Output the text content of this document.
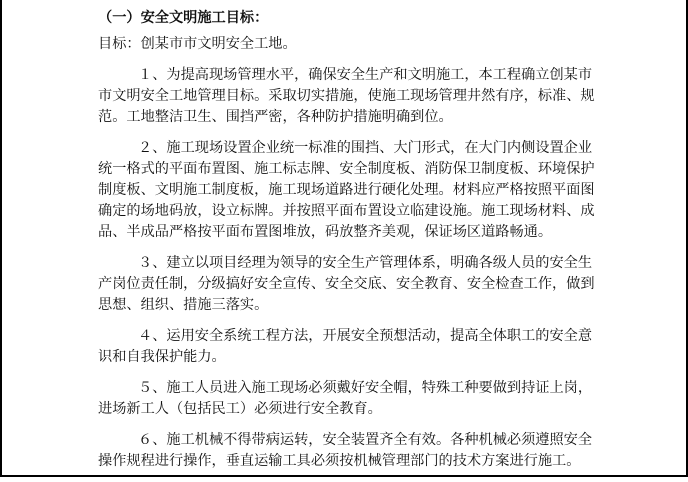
（一）安全文明施工目标：
目标：创某市市文明安全工地。
１、为提高现场管理水平，确保安全生产和文明施工，本工程确立创某市
市文明安全工地管理目标。采取切实措施，使施工现场管理井然有序，标准、规
范。工地整洁卫生、围挡严密，各种防护措施明确到位。
２、施工现场设置企业统一标准的围挡、大门形式，在大门内侧设置企业
统一格式的平面布置图、施工标志牌、安全制度板、消防保卫制度板、环境保护
制度板、文明施工制度板，施工现场道路进行硬化处理。材料应严格按照平面图
确定的场地码放，设立标牌。并按照平面布置设立临建设施。施工现场材料、成
品、半成品严格按平面布置图堆放，码放整齐美观，保证场区道路畅通。
３、建立以项目经理为领导的安全生产管理体系，明确各级人员的安全生
产岗位责任制，分级搞好安全宣传、安全交底、安全教育、安全检查工作，做到
思想、组织、措施三落实。
４、运用安全系统工程方法，开展安全预想活动，提高全体职工的安全意
识和自我保护能力。
５、施工人员进入施工现场必须戴好安全帽，特殊工种要做到持证上岗，
进场新工人（包括民工）必须进行安全教育。
６、施工机械不得带病运转，安全装置齐全有效。各种机械必须遵照安全
操作规程进行操作，垂直运输工具必须按机械管理部门的技术方案进行施工。
